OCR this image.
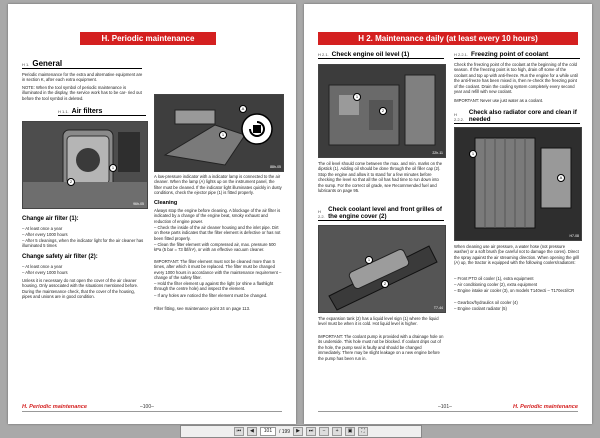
H. Periodic maintenance
H 1. General

Periodic maintenance for the extra and alternative equipment are in section K, after each extra equipment.

NOTE: When the tool symbol of periodic maintenance is illuminated in the display, the service work has to be car- ried out before the tool symbol is deleted.

H 1.1. Air filters
1
2
96h-05
A
1
88h-05

A low-pressure indicator with a indicator lamp is connected to the air cleaner. When the lamp (A) lights up on the instrument panel, the filter must be cleaned. If the indicator light illuminates quickly in dusty conditions, check the ejector pipe (1) is fitted properly.

Cleaning

Always stop the engine before cleaning. A blockage of the air filter is indicated by a change of the engine beat, smoky exhaust and reduction of engine power.

– Check the inside of the air cleaner housing and the inlet pipe. Dirt on these parts indicates that the filter element is defective or has not been fitted properly.

– Clean the filter element with compressed air, max. pressure 500 kPa (5 bar = 73 lbf/in²), or with an effective vacuum cleaner.

IMPORTANT: The filter element must not be cleaned more than 5 times, after which it must be replaced. The filter must be changed every 1000 hours in accordance with the maintenance requirement – change of the safety filter.

– Hold the filter element up against the light (or shine a flashlight through the centre hole) and inspect the element.

– If any holes are noticed the filter element must be changed.

Filter fitting, see maintenance point 24 on page 113.

Change air filter (1):

– At least once a year

– After every 1000 hours

– After 5 cleanings, when the indicator light for the air cleaner has illuminated 5 times

Change safety air filter (2):

– At least once a year

– After every 1000 hours

Unless it is necessary do not open the cover of the air cleaner housing. Only associated with the situations mentioned before. During the maintenance check, that the cover of the housing, pipes and unions are in good condition.

H. Periodic maintenance	–100–
H 2. Maintenance daily (at least every 10 hours)
H 2.1. Check engine oil level (1)	H 2.2.1. Freezing point of coolant

Check the freezing point of the coolant at the beginning of the cold season. If the freezing point is too high, drain off some of the coolant and top up with anti-freeze. Run the engine for a while until the anti-freeze has been mixed in, then re-check the freezing point of the coolant. Drain the cooling system completely every second year and refill with new coolant.

IMPORTANT: Never use just water as a coolant.

H 2.2.2.
Check also radiator core and clean if needed
1
2
22h-11

The oil level should come between the max. and min. marks on the dipstick (1). Adding oil should be done through the oil filler cap (2). Stop the engine and allow it to stand for a few minutes before checking the level so that all the oil has had time to run down into the sump. For the correct oil grade, see Recommended fuel and lubricants on page 95.

H 2.2.
Check coolant level and front grilles of the engine cover (2)
1
2
T7-44

The expansion tank (2) has a liquid level sign (1) where the liquid level must be when it is cold. Hot liquid level is higher.

IMPORTANT: The coolant pump is provided with a drainage hole on its underside. This hole must not be blocked. If coolant drips out of the hole, the pump seal is faulty and should be changed immediately. There may be slight leakage on a new engine before the pump has been run in.

1
A
H7-08

When cleaning use air pressure, a water hose (not pressure washer) or a soft brush (be careful not to damage the cores). Direct the spray against the air streaming direction. When opening the grill (A) up, the tractor is equipped with the following coolers/radiators:

– Front PTO oil cooler (1), extra equipment

– Air conditioning cooler (2), extra equipment

– Engine intake air cooler (3), on models T140ecti – T170ecti/CR

– Gearbox/hydraulics oil cooler (4)

– Engine coolant radiator (5)

–101–	H. Periodic maintenance
⏮	◀	101	/ 199	▶	⏭	−	+	▣	⛶
